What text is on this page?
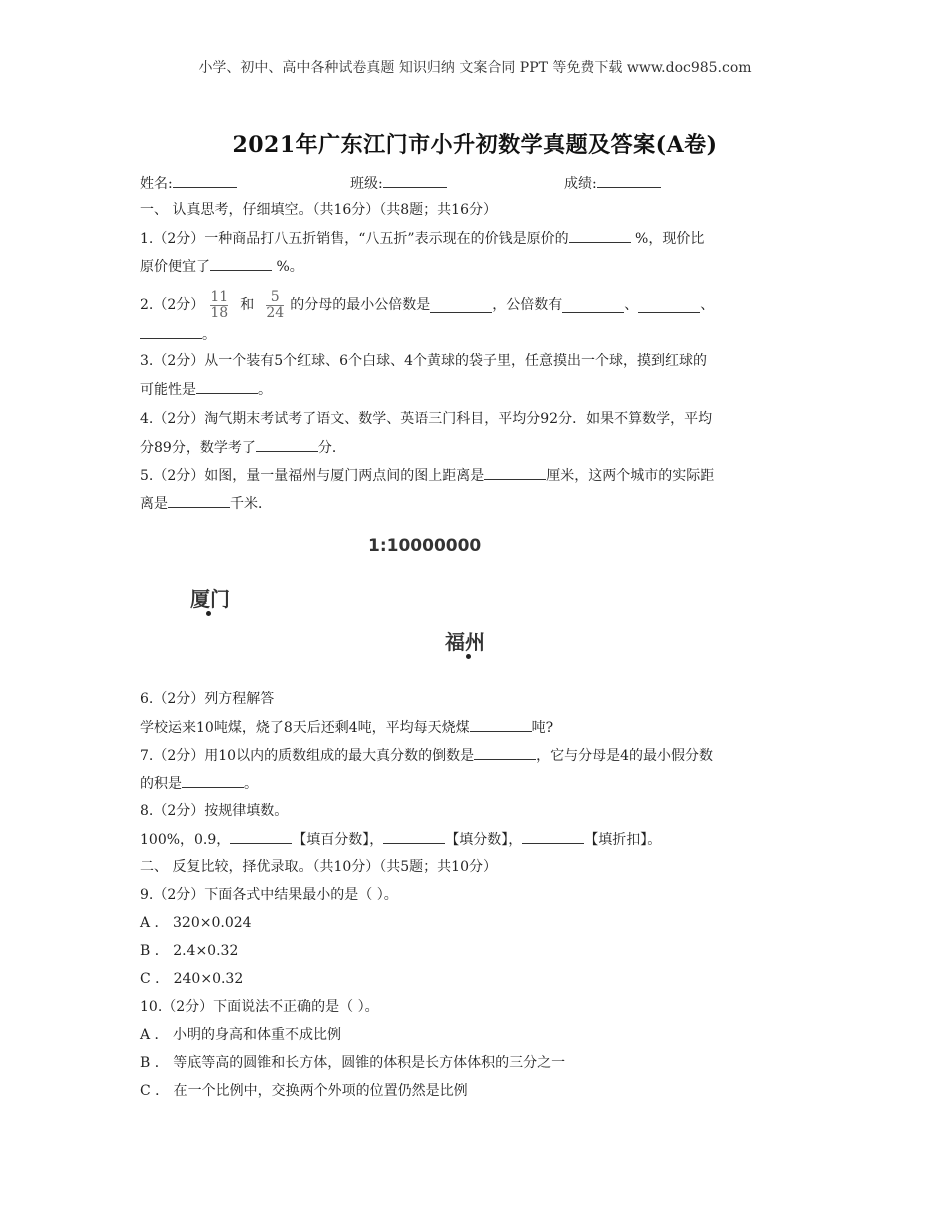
小学、初中、高中各种试卷真题 知识归纳 文案合同 PPT 等免费下载 www.doc985.com
2021年广东江门市小升初数学真题及答案(A卷)
姓名:	班级:	成绩:
一、 认真思考，仔细填空。（共16分）（共8题；共16分）
1.（2分）一种商品打八五折销售，“八五折”表示现在的价钱是原价的	%，现价比
原价便宜了	%。
2.（2分） $\frac{11}{18}$ 和 $\frac{5}{24}$ 的分母的最小公倍数是	，公倍数有	、	、
。
3.（2分）从一个装有5个红球、6个白球、4个黄球的袋子里，任意摸出一个球，摸到红球的
可能性是	。
4.（2分）淘气期末考试考了语文、数学、英语三门科目，平均分92分．如果不算数学，平均
分89分，数学考了	分．
5.（2分）如图，量一量福州与厦门两点间的图上距离是	厘米，这两个城市的实际距
离是	千米．
1:10000000
厦门
福州
6.（2分）列方程解答
学校运来10吨煤，烧了8天后还剩4吨，平均每天烧煤	吨?
7.（2分）用10以内的质数组成的最大真分数的倒数是	，它与分母是4的最小假分数
的积是	。
8.（2分）按规律填数。
100%，0.9，	【填百分数】，	【填分数】，	【填折扣】。
二、 反复比较，择优录取。（共10分）（共5题；共10分）
9.（2分）下面各式中结果最小的是（ ）。
A ． 320×0.024
B ． 2.4×0.32
C ． 240×0.32
10.（2分）下面说法不正确的是（ ）。
A ． 小明的身高和体重不成比例
B ． 等底等高的圆锥和长方体，圆锥的体积是长方体体积的三分之一
C ． 在一个比例中，交换两个外项的位置仍然是比例
